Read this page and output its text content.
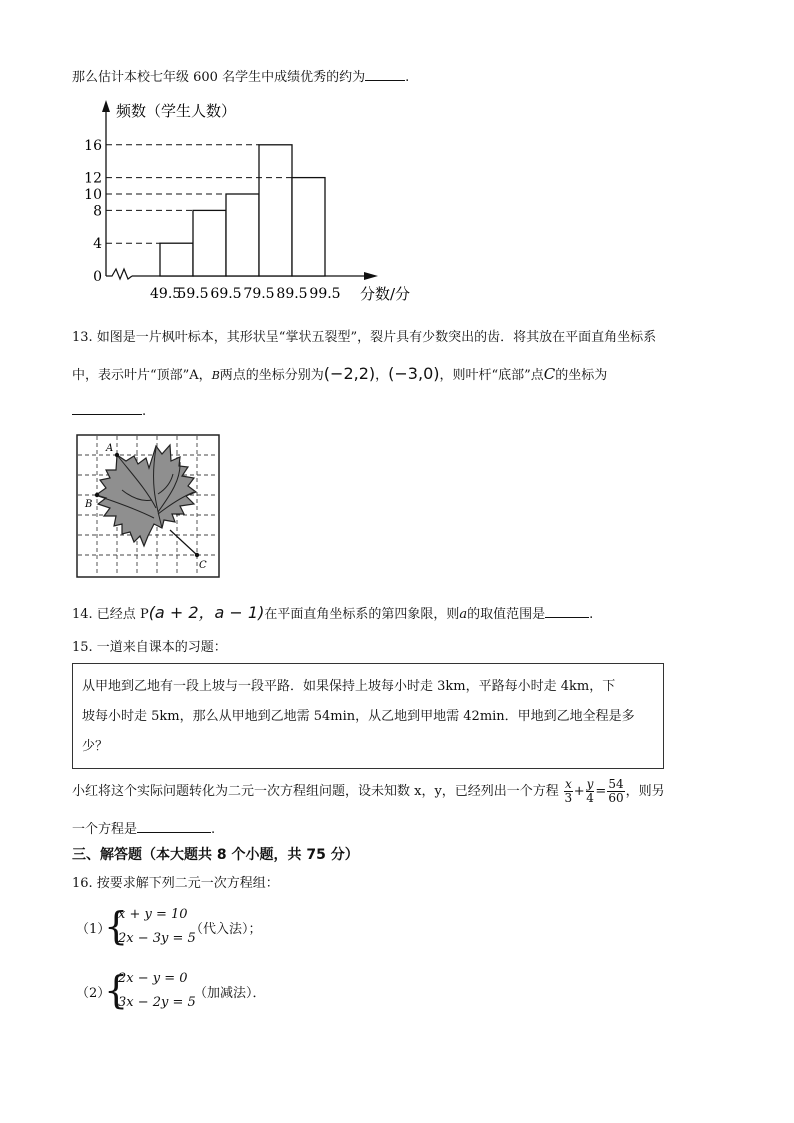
那么估计本校七年级 600 名学生中成绩优秀的约为	.
0
4
8
10
12
16
49.5
59.5 69.5 79.5 89.5 99.5
频数（学生人数）
分数/分
13. 如图是一片枫叶标本，其形状呈“掌状五裂型”，裂片具有少数突出的齿．将其放在平面直角坐标系
中，表示叶片“顶部”A，B两点的坐标分别为(−2,2)，(−3,0)，则叶杆“底部”点C的坐标为
.
A
B
C
14. 已经点 P(a + 2，a − 1)在平面直角坐标系的第四象限，则a的取值范围是	.
15. 一道来自课本的习题：
从甲地到乙地有一段上坡与一段平路．如果保持上坡每小时走 3km，平路每小时走 4km，下
坡每小时走 5km，那么从甲地到乙地需 54min，从乙地到甲地需 42min．甲地到乙地全程是多
少？
小红将这个实际问题转化为二元一次方程组问题，设未知数 x，y，已经列出一个方程 $\frac{x}{3} + \frac{y}{4} = \frac{54}{60}$ ，则另
一个方程是	.
三、解答题（本大题共 8 个小题，共 75 分）
16. 按要求解下列二元一次方程组：
（1）
{
x + y = 10
2x − 3y = 5
（代入法）；
（2）
{
2x − y = 0
3x − 2y = 5
（加减法）．
